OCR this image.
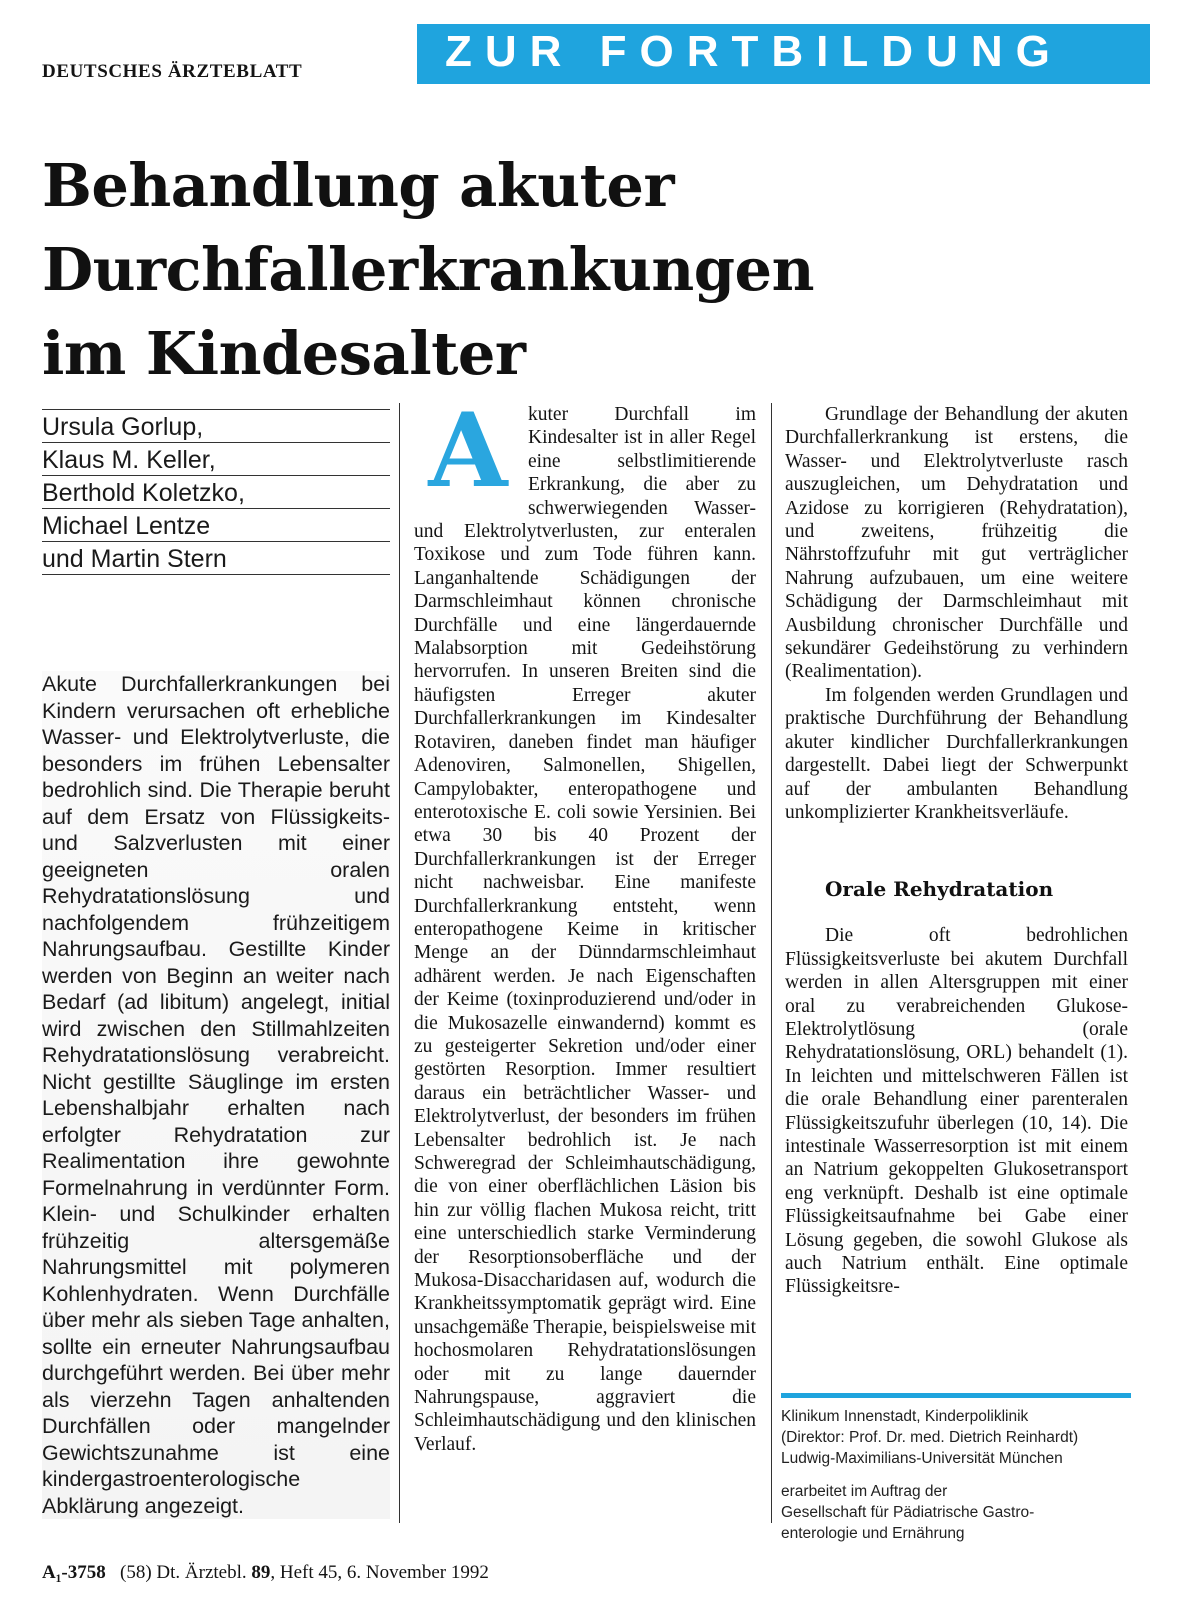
DEUTSCHES ÄRZTEBLATT	ZUR FORTBILDUNG
Behandlung akuter
Durchfallerkrankungen
im Kindesalter
Ursula Gorlup,
Klaus M. Keller,
Berthold Koletzko,
Michael Lentze
und Martin Stern

Akute Durchfallerkrankungen bei Kindern verursachen oft erhebliche Wasser- und Elektrolytverluste, die besonders im frühen Lebensalter bedrohlich sind. Die Therapie beruht auf dem Ersatz von Flüssigkeits- und Salzverlusten mit einer geeigneten oralen Rehydratationslösung und nachfolgendem frühzeitigem Nahrungsaufbau. Gestillte Kinder werden von Beginn an weiter nach Bedarf (ad libitum) angelegt, initial wird zwischen den Stillmahlzeiten Rehydratationslösung verabreicht. Nicht gestillte Säuglinge im ersten Lebenshalbjahr erhalten nach erfolgter Rehydratation zur Realimentation ihre gewohnte Formelnahrung in verdünnter Form. Klein- und Schulkinder erhalten frühzeitig altersgemäße Nahrungsmittel mit polymeren Kohlenhydraten. Wenn Durchfälle über mehr als sieben Tage anhalten, sollte ein erneuter Nahrungsaufbau durchgeführt werden. Bei über mehr als vierzehn Tagen anhaltenden Durchfällen oder mangelnder Gewichtszunahme ist eine kindergastroenterologische Abklärung angezeigt.

A	kuter Durchfall im Kindesalter ist in aller Regel eine selbstlimitierende Erkrankung, die aber zu schwerwiegenden Wasser- und Elektrolytverlusten, zur enteralen Toxikose und zum Tode führen kann. Langanhaltende Schädigungen der Darmschleimhaut können chronische Durchfälle und eine längerdauernde Malabsorption mit Gedeihstörung hervorrufen. In unseren Breiten sind die häufigsten Erreger akuter Durchfallerkrankungen im Kindesalter Rotaviren, daneben findet man häufiger Adenoviren, Salmonellen, Shigellen, Campylobakter, enteropathogene und enterotoxische E. coli sowie Yersinien. Bei etwa 30 bis 40 Prozent der Durchfallerkrankungen ist der Erreger nicht nachweisbar. Eine manifeste Durchfallerkrankung entsteht, wenn enteropathogene Keime in kritischer Menge an der Dünndarmschleimhaut adhärent werden. Je nach Eigenschaften der Keime (toxinproduzierend und/oder in die Mukosazelle einwandernd) kommt es zu gesteigerter Sekretion und/oder einer gestörten Resorption. Immer resultiert daraus ein beträchtlicher Wasser- und Elektrolytverlust, der besonders im frühen Lebensalter bedrohlich ist. Je nach Schweregrad der Schleimhautschädigung, die von einer oberflächlichen Läsion bis hin zur völlig flachen Mukosa reicht, tritt eine unterschiedlich starke Verminderung der Resorptionsoberfläche und der Mukosa-Disaccharidasen auf, wodurch die Krankheitssymptomatik geprägt wird. Eine unsachgemäße Therapie, beispielsweise mit hochosmolaren Rehydratationslösungen oder mit zu lange dauernder Nahrungspause, aggraviert die Schleimhautschädigung und den klinischen Verlauf.

Grundlage der Behandlung der akuten Durchfallerkrankung ist erstens, die Wasser- und Elektrolytverluste rasch auszugleichen, um Dehydratation und Azidose zu korrigieren (Rehydratation), und zweitens, frühzeitig die Nährstoffzufuhr mit gut verträglicher Nahrung aufzubauen, um eine weitere Schädigung der Darmschleimhaut mit Ausbildung chronischer Durchfälle und sekundärer Gedeihstörung zu verhindern (Realimentation).

Im folgenden werden Grundlagen und praktische Durchführung der Behandlung akuter kindlicher Durchfallerkrankungen dargestellt. Dabei liegt der Schwerpunkt auf der ambulanten Behandlung unkomplizierter Krankheitsverläufe.

Orale Rehydratation

Die oft bedrohlichen Flüssigkeitsverluste bei akutem Durchfall werden in allen Altersgruppen mit einer oral zu verabreichenden Glukose-Elektrolytlösung (orale Rehydratationslösung, ORL) behandelt (1). In leichten und mittelschweren Fällen ist die orale Behandlung einer parenteralen Flüssigkeitszufuhr überlegen (10, 14). Die intestinale Wasserresorption ist mit einem an Natrium gekoppelten Glukosetransport eng verknüpft. Deshalb ist eine optimale Flüssigkeitsaufnahme bei Gabe einer Lösung gegeben, die sowohl Glukose als auch Natrium enthält. Eine optimale Flüssigkeitsre-

Klinikum Innenstadt, Kinderpoliklinik
(Direktor: Prof. Dr. med. Dietrich Reinhardt)
Ludwig-Maximilians-Universität München
erarbeitet im Auftrag der
Gesellschaft für Pädiatrische Gastro-
enterologie und Ernährung
A₁-3758 (58) Dt. Ärztebl. 89, Heft 45, 6. November 1992
